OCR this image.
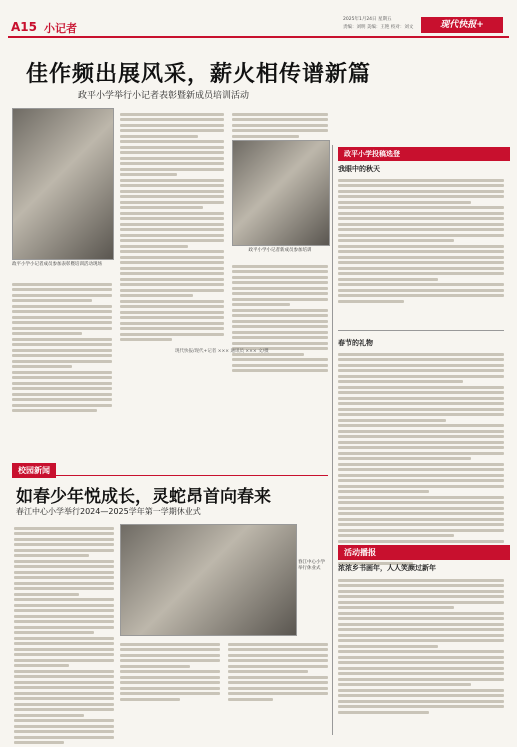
A15 小记者
2025年1月24日 星期五
责编：刘明 美编：王艳 校对：刘文	现代快报+
佳作频出展风采，薪火相传谱新篇
政平小学举行小记者表彰暨新成员培训活动
政平小学小记者成员参加表彰暨培训活动现场
政平小学小记者新成员参加培训
现代快报/现代+记者 ××× 通讯员 ××× 文/摄
政平小学投稿选登
我眼中的秋天
春节的礼物
校园新闻
如春少年悦成长，灵蛇昂首向春来
春江中心小学举行2024—2025学年第一学期休业式
春江中心小学举行休业式
活动播报
浓浓乡书画年，人人笑颜过新年
